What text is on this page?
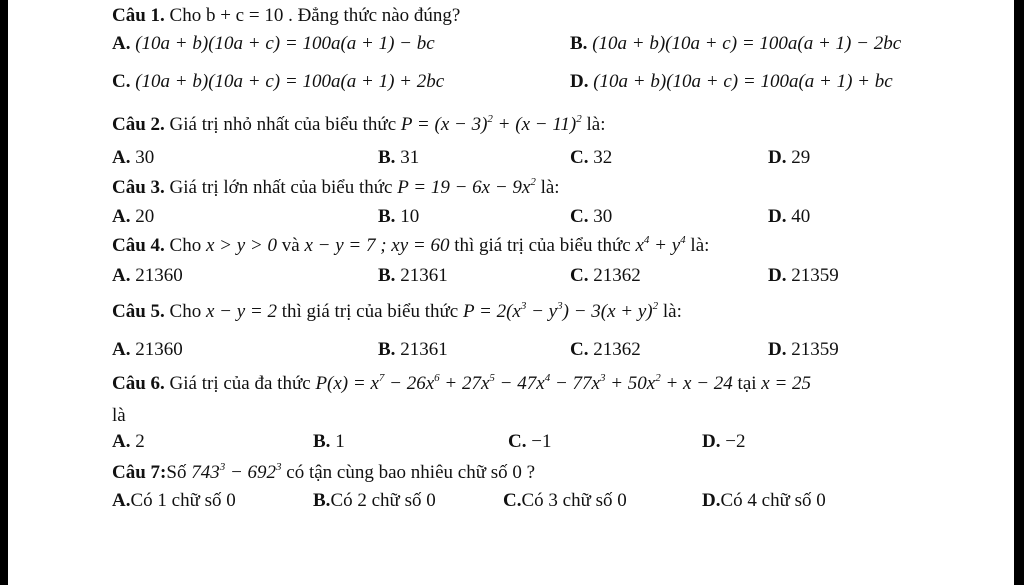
Câu 1. Cho b + c = 10 . Đẳng thức nào đúng?
A. (10a + b)(10a + c) = 100a(a + 1) − bc	B. (10a + b)(10a + c) = 100a(a + 1) − 2bc
C. (10a + b)(10a + c) = 100a(a + 1) + 2bc	D. (10a + b)(10a + c) = 100a(a + 1) + bc
Câu 2. Giá trị nhỏ nhất của biểu thức $P = (x - 3)^2 + (x - 11)^2$ là:
A. 30	B. 31	C. 32	D. 29
Câu 3. Giá trị lớn nhất của biểu thức $P = 19 - 6x - 9x^2$ là:
A. 20	B. 10	C. 30	D. 40
Câu 4. Cho x > y > 0 và x − y = 7 ; xy = 60 thì giá trị của biểu thức $x^4 + y^4$ là:
A. 21360	B. 21361	C. 21362	D. 21359
Câu 5. Cho x − y = 2 thì giá trị của biểu thức $P = 2(x^3 - y^3) - 3(x + y)^2$ là:
A. 21360	B. 21361	C. 21362	D. 21359
Câu 6. Giá trị của đa thức $P(x) = x^7 - 26x^6 + 27x^5 - 47x^4 - 77x^3 + 50x^2 + x - 24$ tại x = 25
là
A. 2	B. 1	C. −1	D. −2
Câu 7:Số $743^3 - 692^3$ có tận cùng bao nhiêu chữ số 0 ?
A.Có 1 chữ số 0	B.Có 2 chữ số 0	C.Có 3 chữ số 0	D.Có 4 chữ số 0
